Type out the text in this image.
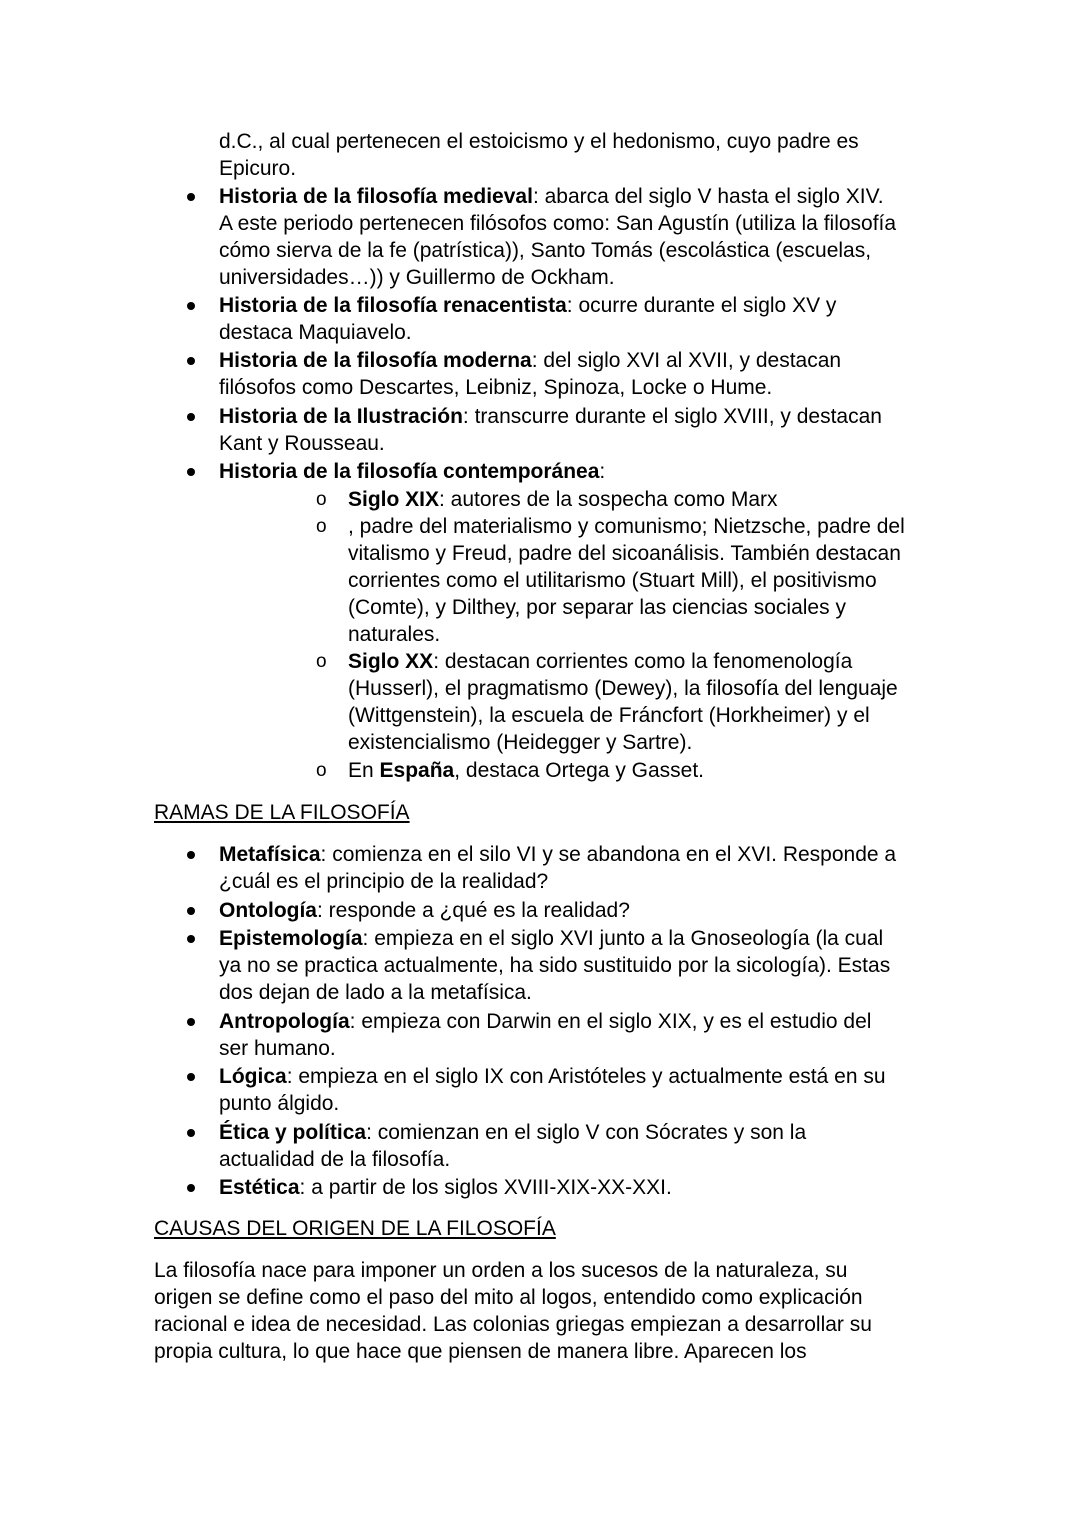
d.C., al cual pertenecen el estoicismo y el hedonismo, cuyo padre es
Epicuro.
Historia de la filosofía medieval: abarca del siglo V hasta el siglo XIV.
A este periodo pertenecen filósofos como: San Agustín (utiliza la filosofía
cómo sierva de la fe (patrística)), Santo Tomás (escolástica (escuelas,
universidades…)) y Guillermo de Ockham.
Historia de la filosofía renacentista: ocurre durante el siglo XV y
destaca Maquiavelo.
Historia de la filosofía moderna: del siglo XVI al XVII, y destacan
filósofos como Descartes, Leibniz, Spinoza, Locke o Hume.
Historia de la Ilustración: transcurre durante el siglo XVIII, y destacan
Kant y Rousseau.
Historia de la filosofía contemporánea:
o Siglo XIX: autores de la sospecha como Marx
o , padre del materialismo y comunismo; Nietzsche, padre del
vitalismo y Freud, padre del sicoanálisis. También destacan
corrientes como el utilitarismo (Stuart Mill), el positivismo
(Comte), y Dilthey, por separar las ciencias sociales y
naturales.
o Siglo XX: destacan corrientes como la fenomenología
(Husserl), el pragmatismo (Dewey), la filosofía del lenguaje
(Wittgenstein), la escuela de Fráncfort (Horkheimer) y el
existencialismo (Heidegger y Sartre).
o En España, destaca Ortega y Gasset.
RAMAS DE LA FILOSOFÍA
Metafísica: comienza en el silo VI y se abandona en el XVI. Responde a
¿cuál es el principio de la realidad?
Ontología: responde a ¿qué es la realidad?
Epistemología: empieza en el siglo XVI junto a la Gnoseología (la cual
ya no se practica actualmente, ha sido sustituido por la sicología). Estas
dos dejan de lado a la metafísica.
Antropología: empieza con Darwin en el siglo XIX, y es el estudio del
ser humano.
Lógica: empieza en el siglo IX con Aristóteles y actualmente está en su
punto álgido.
Ética y política: comienzan en el siglo V con Sócrates y son la
actualidad de la filosofía.
Estética: a partir de los siglos XVIII-XIX-XX-XXI.
CAUSAS DEL ORIGEN DE LA FILOSOFÍA
La filosofía nace para imponer un orden a los sucesos de la naturaleza, su
origen se define como el paso del mito al logos, entendido como explicación
racional e idea de necesidad. Las colonias griegas empiezan a desarrollar su
propia cultura, lo que hace que piensen de manera libre. Aparecen los
